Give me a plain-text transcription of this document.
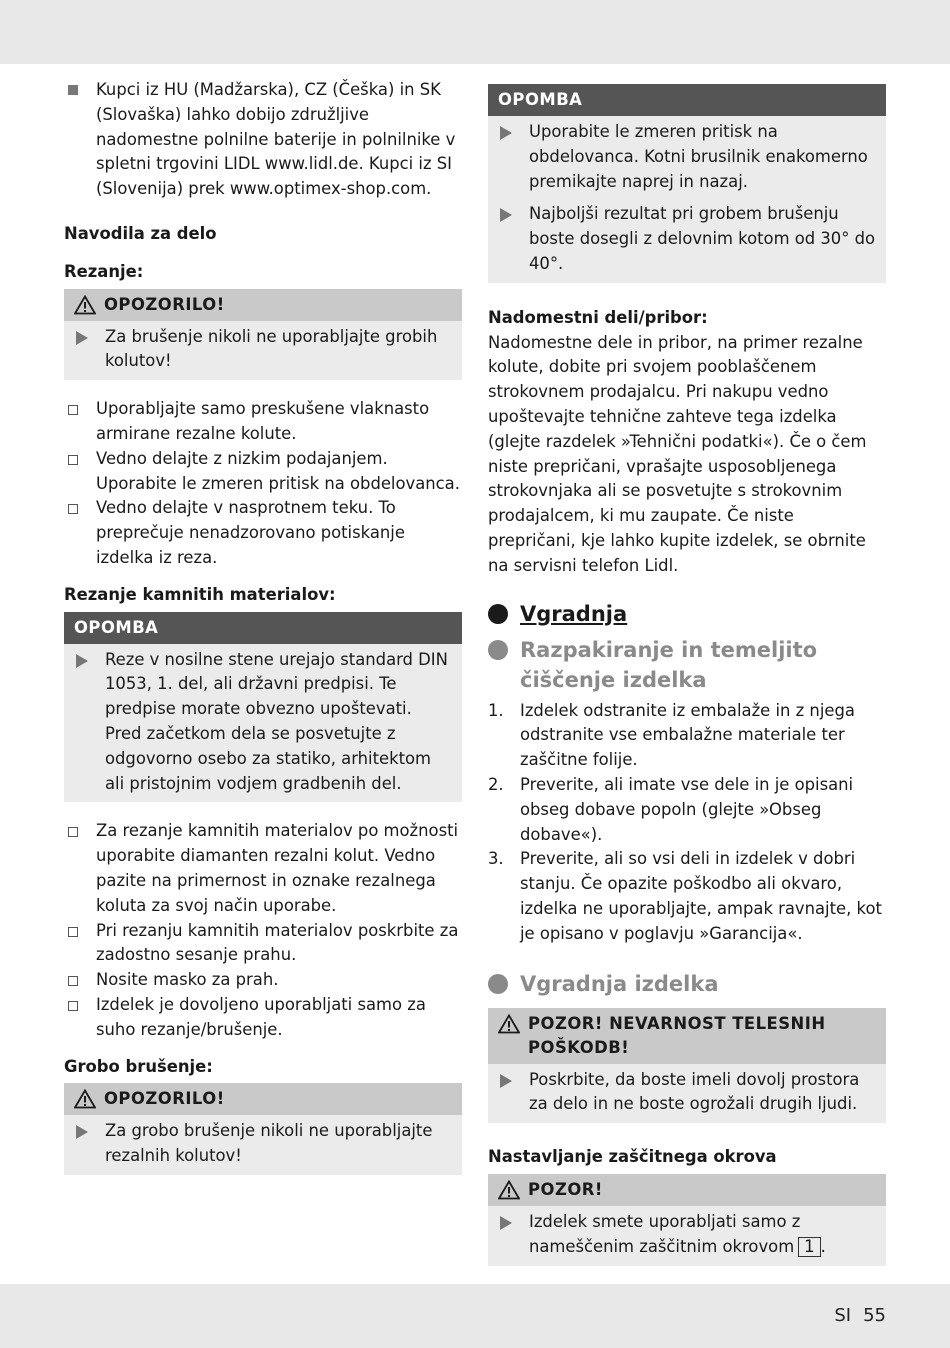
Kupci iz HU (Madžarska), CZ (Češka) in SK (Slovaška) lahko dobijo združljive nadomestne polnilne baterije in polnilnike v spletni trgovini LIDL www.lidl.de. Kupci iz SI (Slovenija) prek www.optimex-shop.com.
Navodila za delo
Rezanje:
OPOZORILO!
Za brušenje nikoli ne uporabljajte grobih kolutov!
Uporabljajte samo preskušene vlaknasto armirane rezalne kolute.
Vedno delajte z nizkim podajanjem. Uporabite le zmeren pritisk na obdelovanca.
Vedno delajte v nasprotnem teku. To preprečuje nenadzorovano potiskanje izdelka iz reza.
Rezanje kamnitih materialov:
OPOMBA
Reze v nosilne stene urejajo standard DIN 1053, 1. del, ali državni predpisi. Te predpise morate obvezno upoštevati. Pred začetkom dela se posvetujte z odgovorno osebo za statiko, arhitektom ali pristojnim vodjem gradbenih del.
Za rezanje kamnitih materialov po možnosti uporabite diamanten rezalni kolut. Vedno pazite na primernost in oznake rezalnega koluta za svoj način uporabe.
Pri rezanju kamnitih materialov poskrbite za zadostno sesanje prahu.
Nosite masko za prah.
Izdelek je dovoljeno uporabljati samo za suho rezanje/brušenje.
Grobo brušenje:
OPOZORILO!
Za grobo brušenje nikoli ne uporabljajte rezalnih kolutov!
OPOMBA
Uporabite le zmeren pritisk na obdelovanca. Kotni brusilnik enakomerno premikajte naprej in nazaj.
Najboljši rezultat pri grobem brušenju boste dosegli z delovnim kotom od 30° do 40°.
Nadomestni deli/pribor:
Nadomestne dele in pribor, na primer rezalne kolute, dobite pri svojem pooblaščenem strokovnem prodajalcu. Pri nakupu vedno upoštevajte tehnične zahteve tega izdelka (glejte razdelek »Tehnični podatki«). Če o čem niste prepričani, vprašajte usposobljenega strokovnjaka ali se posvetujte s strokovnim prodajalcem, ki mu zaupate. Če niste prepričani, kje lahko kupite izdelek, se obrnite na servisni telefon Lidl.
Vgradnja
Razpakiranje in temeljito čiščenje izdelka
1. Izdelek odstranite iz embalaže in z njega odstranite vse embalažne materiale ter zaščitne folije.
2. Preverite, ali imate vse dele in je opisani obseg dobave popoln (glejte »Obseg dobave«).
3. Preverite, ali so vsi deli in izdelek v dobri stanju. Če opazite poškodbo ali okvaro, izdelka ne uporabljajte, ampak ravnajte, kot je opisano v poglavju »Garancija«.
Vgradnja izdelka
POZOR! NEVARNOST TELESNIH POŠKODB!
Poskrbite, da boste imeli dovolj prostora za delo in ne boste ogrožali drugih ljudi.
Nastavljanje zaščitnega okrova
POZOR!
Izdelek smete uporabljati samo z nameščenim zaščitnim okrovom 1 .
SI 55
